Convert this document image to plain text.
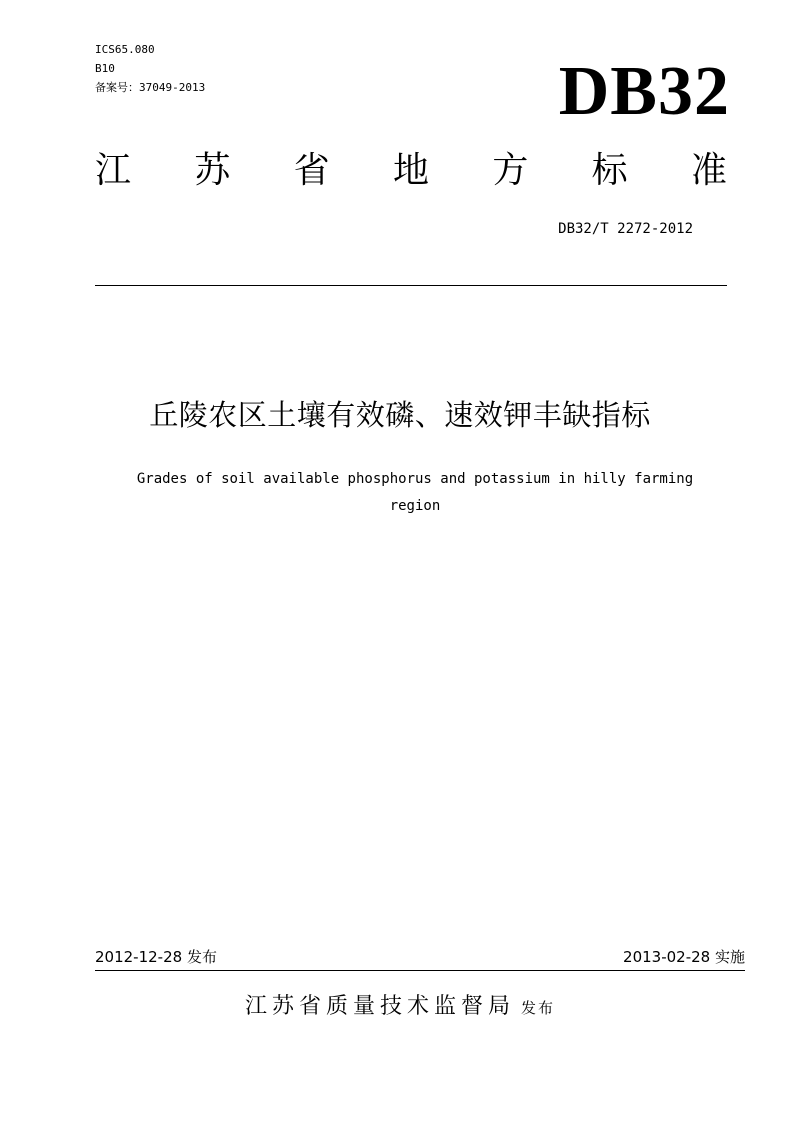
ICS65.080
B10
备案号：37049-2013	DB32
江 苏 省 地 方 标 准
DB32/T 2272-2012
丘陵农区土壤有效磷、速效钾丰缺指标
Grades of soil available phosphorus and potassium in hilly farming
region
2012-12-28 发布	2013-02-28 实施
江苏省质量技术监督局 发布
